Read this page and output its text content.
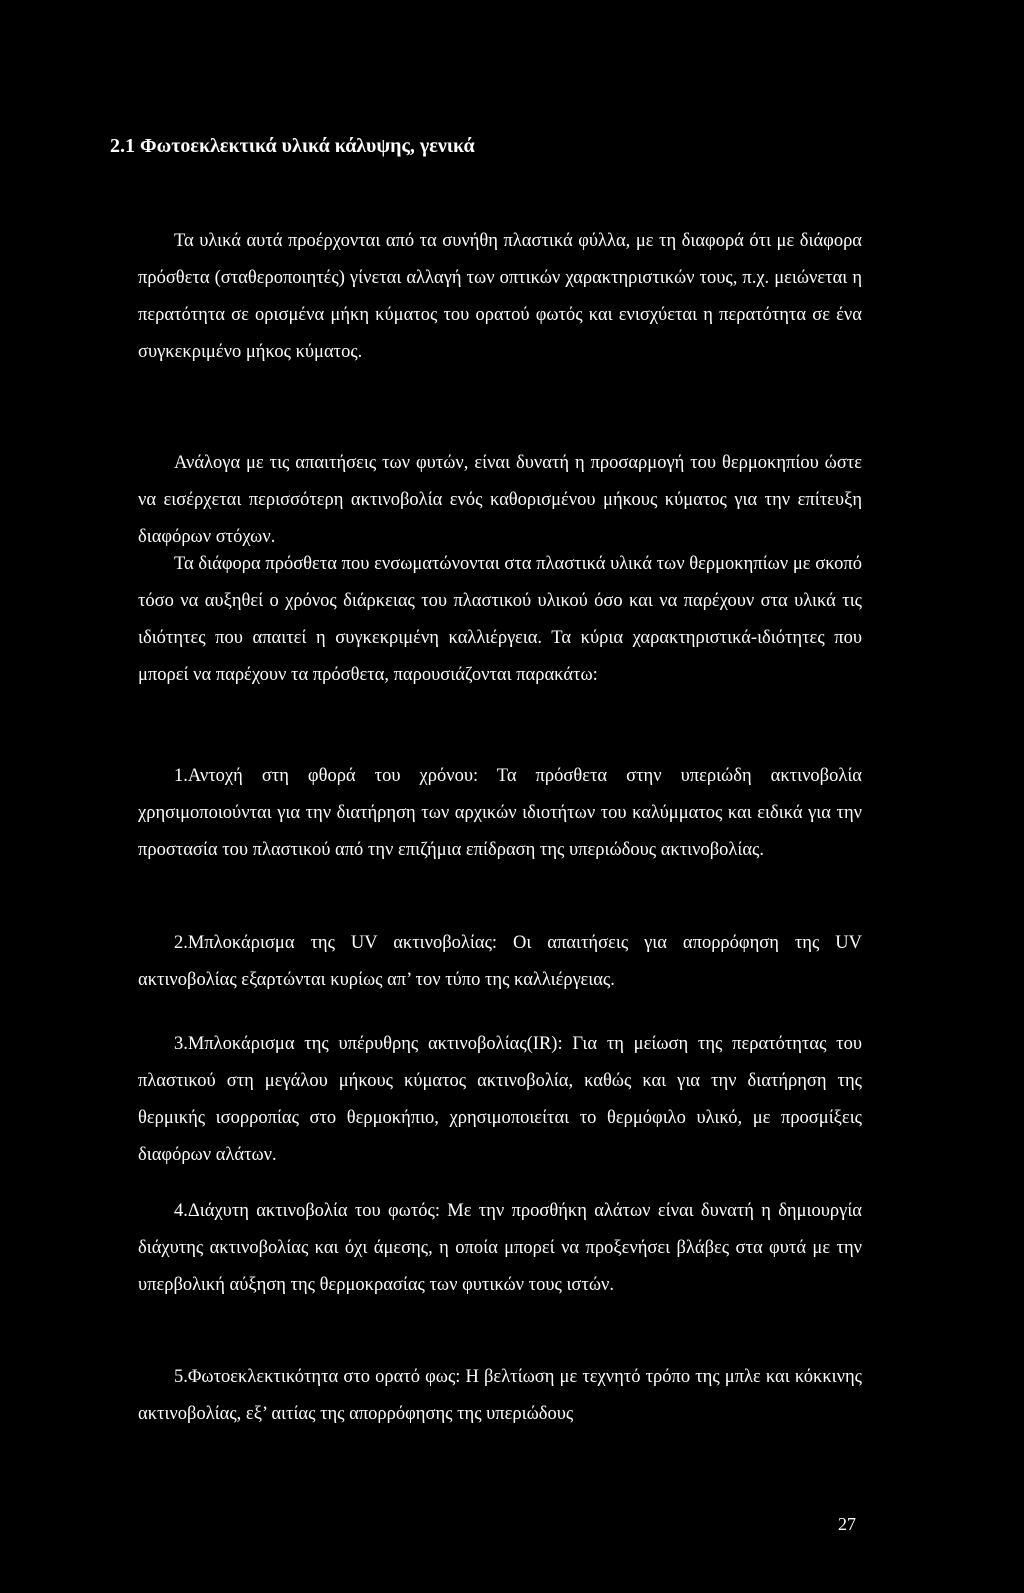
2.1 Φωτοεκλεκτικά υλικά κάλυψης, γενικά

Τα υλικά αυτά προέρχονται από τα συνήθη πλαστικά φύλλα, με τη διαφορά ότι με διάφορα πρόσθετα (σταθεροποιητές) γίνεται αλλαγή των οπτικών χαρακτηριστικών τους, π.χ. μειώνεται η περατότητα σε ορισμένα μήκη κύματος του ορατού φωτός και ενισχύεται η περατότητα σε ένα συγκεκριμένο μήκος κύματος.

Ανάλογα με τις απαιτήσεις των φυτών, είναι δυνατή η προσαρμογή του θερμοκηπίου ώστε να εισέρχεται περισσότερη ακτινοβολία ενός καθορισμένου μήκους κύματος για την επίτευξη διαφόρων στόχων.

Τα διάφορα πρόσθετα που ενσωματώνονται στα πλαστικά υλικά των θερμοκηπίων με σκοπό τόσο να αυξηθεί ο χρόνος διάρκειας του πλαστικού υλικού όσο και να παρέχουν στα υλικά τις ιδιότητες που απαιτεί η συγκεκριμένη καλλιέργεια. Τα κύρια χαρακτηριστικά-ιδιότητες που μπορεί να παρέχουν τα πρόσθετα, παρουσιάζονται παρακάτω:

1.Αντοχή στη φθορά του χρόνου: Τα πρόσθετα στην υπεριώδη ακτινοβολία χρησιμοποιούνται για την διατήρηση των αρχικών ιδιοτήτων του καλύμματος και ειδικά για την προστασία του πλαστικού από την επιζήμια επίδραση της υπεριώδους ακτινοβολίας.

2.Μπλοκάρισμα της UV ακτινοβολίας: Οι απαιτήσεις για απορρόφηση της UV ακτινοβολίας εξαρτώνται κυρίως απ’ τον τύπο της καλλιέργειας.

3.Μπλοκάρισμα της υπέρυθρης ακτινοβολίας(IR): Για τη μείωση της περατότητας του πλαστικού στη μεγάλου μήκους κύματος ακτινοβολία, καθώς και για την διατήρηση της θερμικής ισορροπίας στο θερμοκήπιο, χρησιμοποιείται το θερμόφιλο υλικό, με προσμίξεις διαφόρων αλάτων.

4.Διάχυτη ακτινοβολία του φωτός: Με την προσθήκη αλάτων είναι δυνατή η δημιουργία διάχυτης ακτινοβολίας και όχι άμεσης, η οποία μπορεί να προξενήσει βλάβες στα φυτά με την υπερβολική αύξηση της θερμοκρασίας των φυτικών τους ιστών.

5.Φωτοεκλεκτικότητα στο ορατό φως: Η βελτίωση με τεχνητό τρόπο της μπλε και κόκκινης ακτινοβολίας, εξ’ αιτίας της απορρόφησης της υπεριώδους

27
